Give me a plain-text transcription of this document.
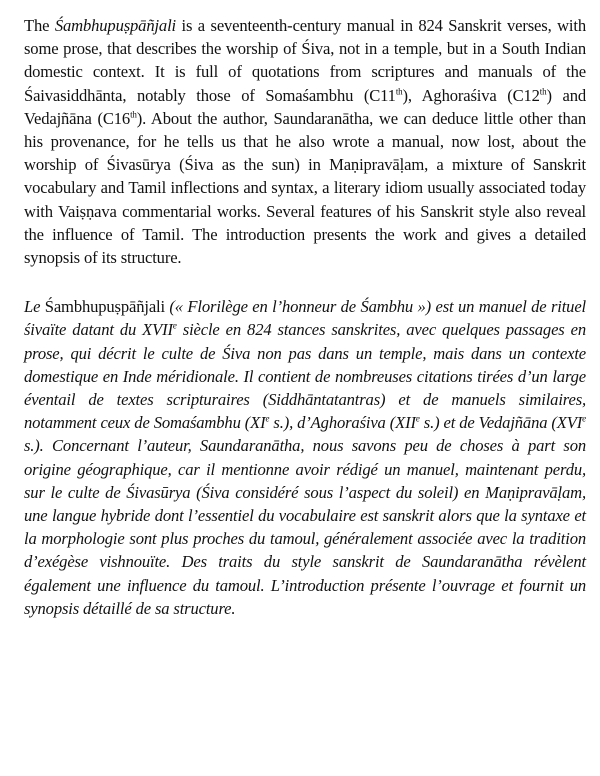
The Śambhupuṣpāñjali is a seventeenth-century manual in 824 Sanskrit verses, with some prose, that describes the worship of Śiva, not in a temple, but in a South Indian domestic context. It is full of quotations from scriptures and manuals of the Śaivasiddhānta, notably those of Somaśambhu (C11th), Aghoraśiva (C12th) and Vedajñāna (C16th). About the author, Saundaranātha, we can deduce little other than his provenance, for he tells us that he also wrote a manual, now lost, about the worship of Śivasūrya (Śiva as the sun) in Maṇipravāḷam, a mixture of Sanskrit vocabulary and Tamil inflections and syntax, a literary idiom usually associated today with Vaiṣṇava commentarial works. Several features of his Sanskrit style also reveal the influence of Tamil. The introduction presents the work and gives a detailed synopsis of its structure.

Le Śambhupuṣpāñjali (« Florilège en l’honneur de Śambhu ») est un manuel de rituel śivaïte datant du XVIIe siècle en 824 stances sanskrites, avec quelques passages en prose, qui décrit le culte de Śiva non pas dans un temple, mais dans un contexte domestique en Inde méridionale. Il contient de nombreuses citations tirées d’un large éventail de textes scripturaires (Siddhāntatantras) et de manuels similaires, notamment ceux de Somaśambhu (XIe s.), d’Aghoraśiva (XIIe s.) et de Vedajñāna (XVIe s.). Concernant l’auteur, Saundaranātha, nous savons peu de choses à part son origine géographique, car il mentionne avoir rédigé un manuel, maintenant perdu, sur le culte de Śivasūrya (Śiva considéré sous l’aspect du soleil) en Maṇipravāḷam, une langue hybride dont l’essentiel du vocabulaire est sanskrit alors que la syntaxe et la morphologie sont plus proches du tamoul, généralement associée avec la tradition d’exégèse vishnouïte. Des traits du style sanskrit de Saundaranātha révèlent également une influence du tamoul. L’introduction présente l’ouvrage et fournit un synopsis détaillé de sa structure.
